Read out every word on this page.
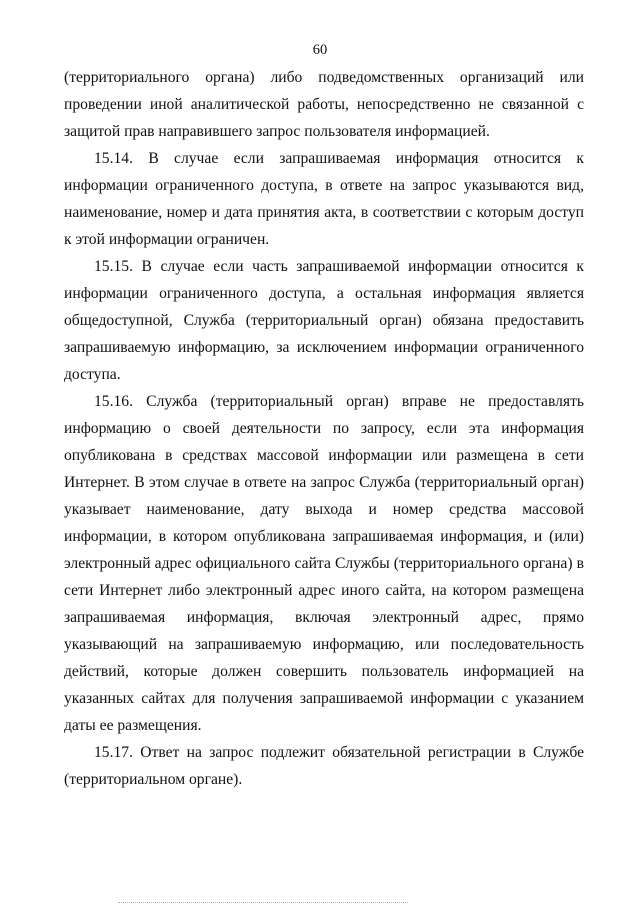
60

(территориального органа) либо подведомственных организаций или проведении иной аналитической работы, непосредственно не связанной с защитой прав направившего запрос пользователя информацией.

15.14. В случае если запрашиваемая информация относится к информации ограниченного доступа, в ответе на запрос указываются вид, наименование, номер и дата принятия акта, в соответствии с которым доступ к этой информации ограничен.

15.15. В случае если часть запрашиваемой информации относится к информации ограниченного доступа, а остальная информация является общедоступной, Служба (территориальный орган) обязана предоставить запрашиваемую информацию, за исключением информации ограниченного доступа.

15.16. Служба (территориальный орган) вправе не предоставлять информацию о своей деятельности по запросу, если эта информация опубликована в средствах массовой информации или размещена в сети Интернет. В этом случае в ответе на запрос Служба (территориальный орган) указывает наименование, дату выхода и номер средства массовой информации, в котором опубликована запрашиваемая информация, и (или) электронный адрес официального сайта Службы (территориального органа) в сети Интернет либо электронный адрес иного сайта, на котором размещена запрашиваемая информация, включая электронный адрес, прямо указывающий на запрашиваемую информацию, или последовательность действий, которые должен совершить пользователь информацией на указанных сайтах для получения запрашиваемой информации с указанием даты ее размещения.

15.17. Ответ на запрос подлежит обязательной регистрации в Службе (территориальном органе).
